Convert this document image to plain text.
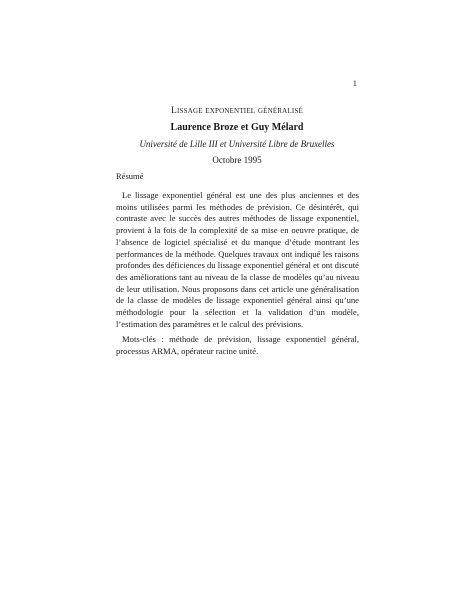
1
Lissage exponentiel généralisé
Laurence Broze et Guy Mélard
Université de Lille III et Université Libre de Bruxelles
Octobre 1995
Résumé

Le lissage exponentiel général est une des plus anciennes et des moins utilisées parmi les méthodes de prévision. Ce désintérêt, qui contraste avec le succès des autres méthodes de lissage exponentiel, provient à la fois de la complexité de sa mise en oeuvre pratique, de l’absence de logiciel spécialisé et du manque d’étude montrant les performances de la méthode. Quelques travaux ont indiqué les raisons profondes des déficiences du lissage exponentiel général et ont discuté des améliorations tant au niveau de la classe de modèles qu’au niveau de leur utilisation. Nous proposons dans cet article une généralisation de la classe de modèles de lissage exponentiel général ainsi qu’une méthodologie pour la sélection et la validation d’un modèle, l’estimation des paramètres et le calcul des prévisions.

Mots-clés : méthode de prévision, lissage exponentiel général, processus ARMA, opérateur racine unité.
